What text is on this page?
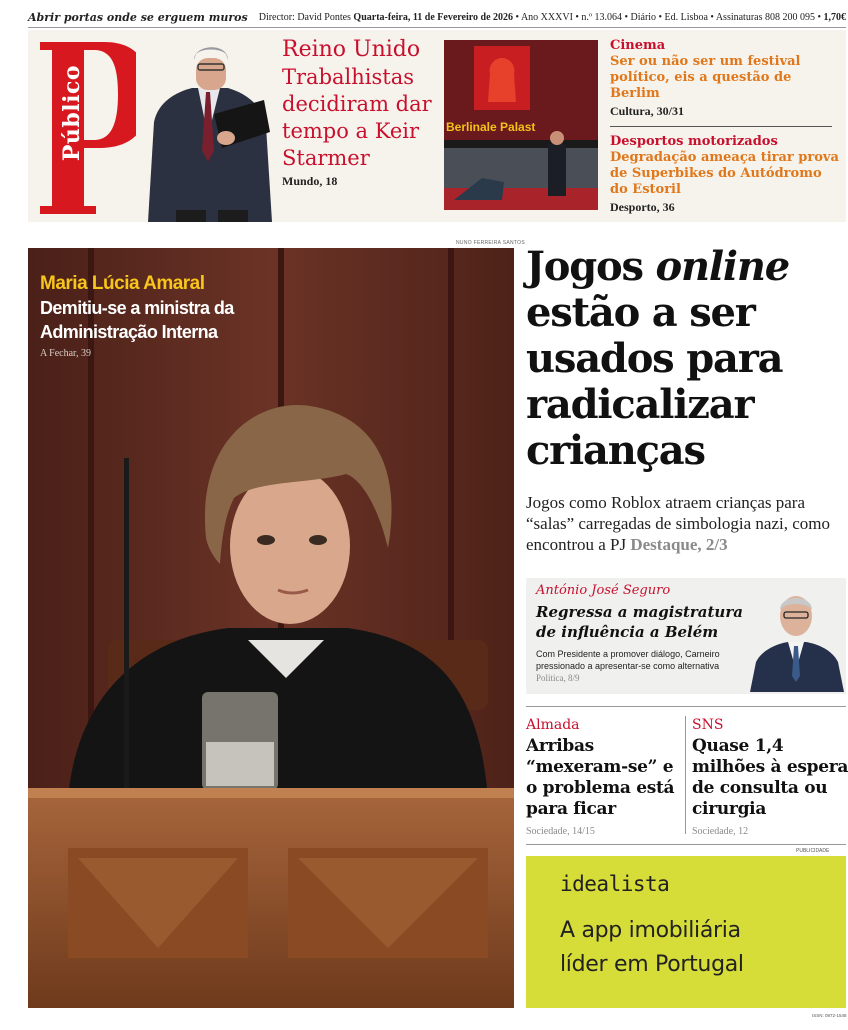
Abrir portas onde se erguem muros Director: David Pontes Quarta-feira, 11 de Fevereiro de 2026 • Ano XXXVI • n.º 13.064 • Diário • Ed. Lisboa • Assinaturas 808 200 095 • 1,70€
Público
Reino Unido
Trabalhistas decidiram dar tempo a Keir Starmer
Mundo, 18
Berlinale Palast
Cinema
Ser ou não ser um festival político, eis a questão de Berlim
Cultura, 30/31
Desportos motorizados
Degradação ameaça tirar prova de Superbikes do Autódromo do Estoril
Desporto, 36
NUNO FERREIRA SANTOS
Maria Lúcia Amaral
Demitiu-se a ministra da Administração Interna
A Fechar, 39
Jogos online estão a ser usados para radicalizar crianças
Jogos como Roblox atraem crianças para “salas” carregadas de simbologia nazi, como encontrou a PJ Destaque, 2/3
António José Seguro
Regressa a magistratura de influência a Belém
Com Presidente a promover diálogo, Carneiro pressionado a apresentar-se como alternativa
Política, 8/9
Almada
Arribas “mexeram-se” e o problema está para ficar
Sociedade, 14/15
SNS
Quase 1,4 milhões à espera de consulta ou cirurgia
Sociedade, 12
PUBLICIDADE
idealista
A app imobiliária
líder em Portugal
ISSN: 0872-1548
